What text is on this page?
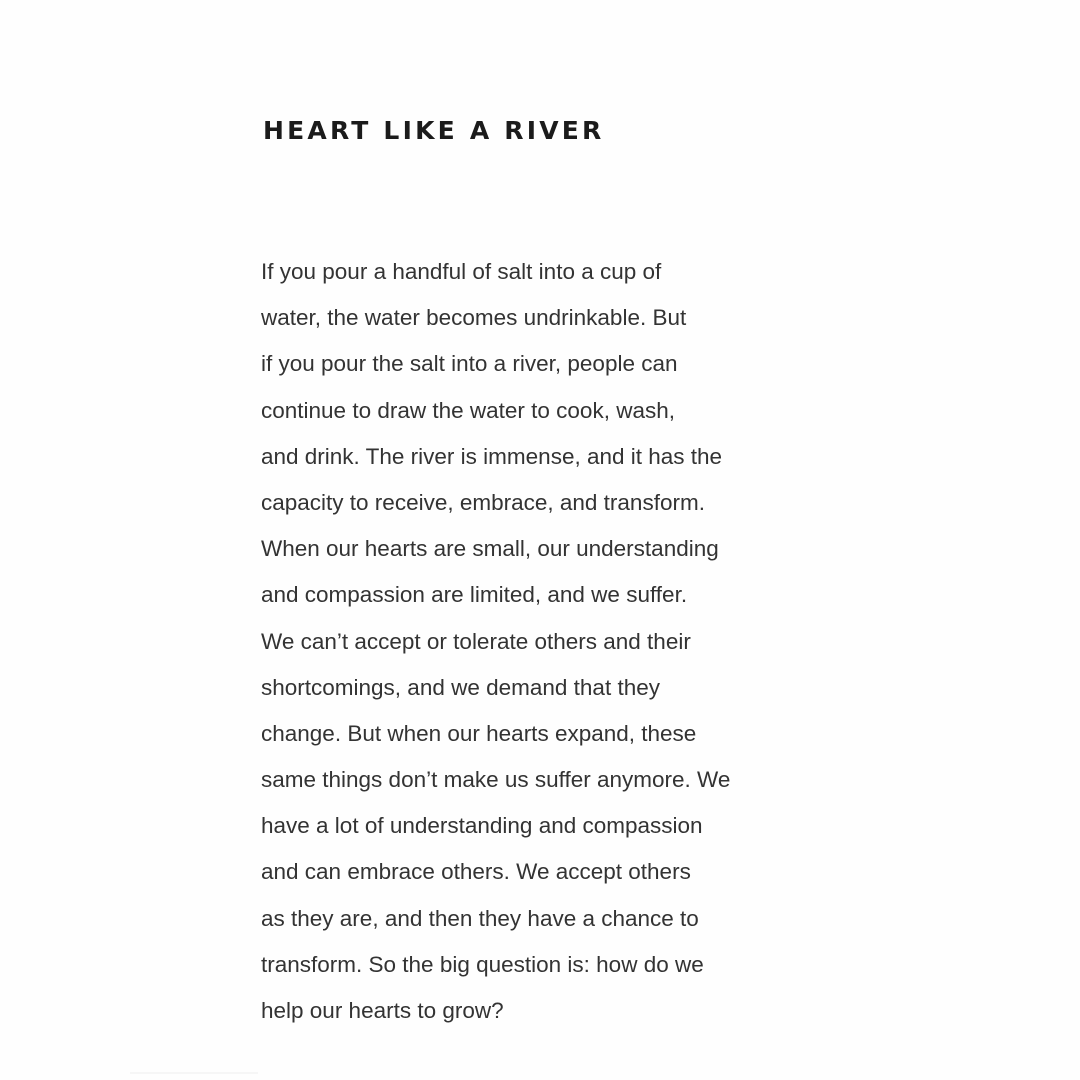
HEART LIKE A RIVER
If you pour a handful of salt into a cup of
water, the water becomes undrinkable. But
if you pour the salt into a river, people can
continue to draw the water to cook, wash,
and drink. The river is immense, and it has the
capacity to receive, embrace, and transform.
When our hearts are small, our understanding
and compassion are limited, and we suffer.
We can’t accept or tolerate others and their
shortcomings, and we demand that they
change. But when our hearts expand, these
same things don’t make us suffer anymore. We
have a lot of understanding and compassion
and can embrace others. We accept others
as they are, and then they have a chance to
transform. So the big question is: how do we
help our hearts to grow?
